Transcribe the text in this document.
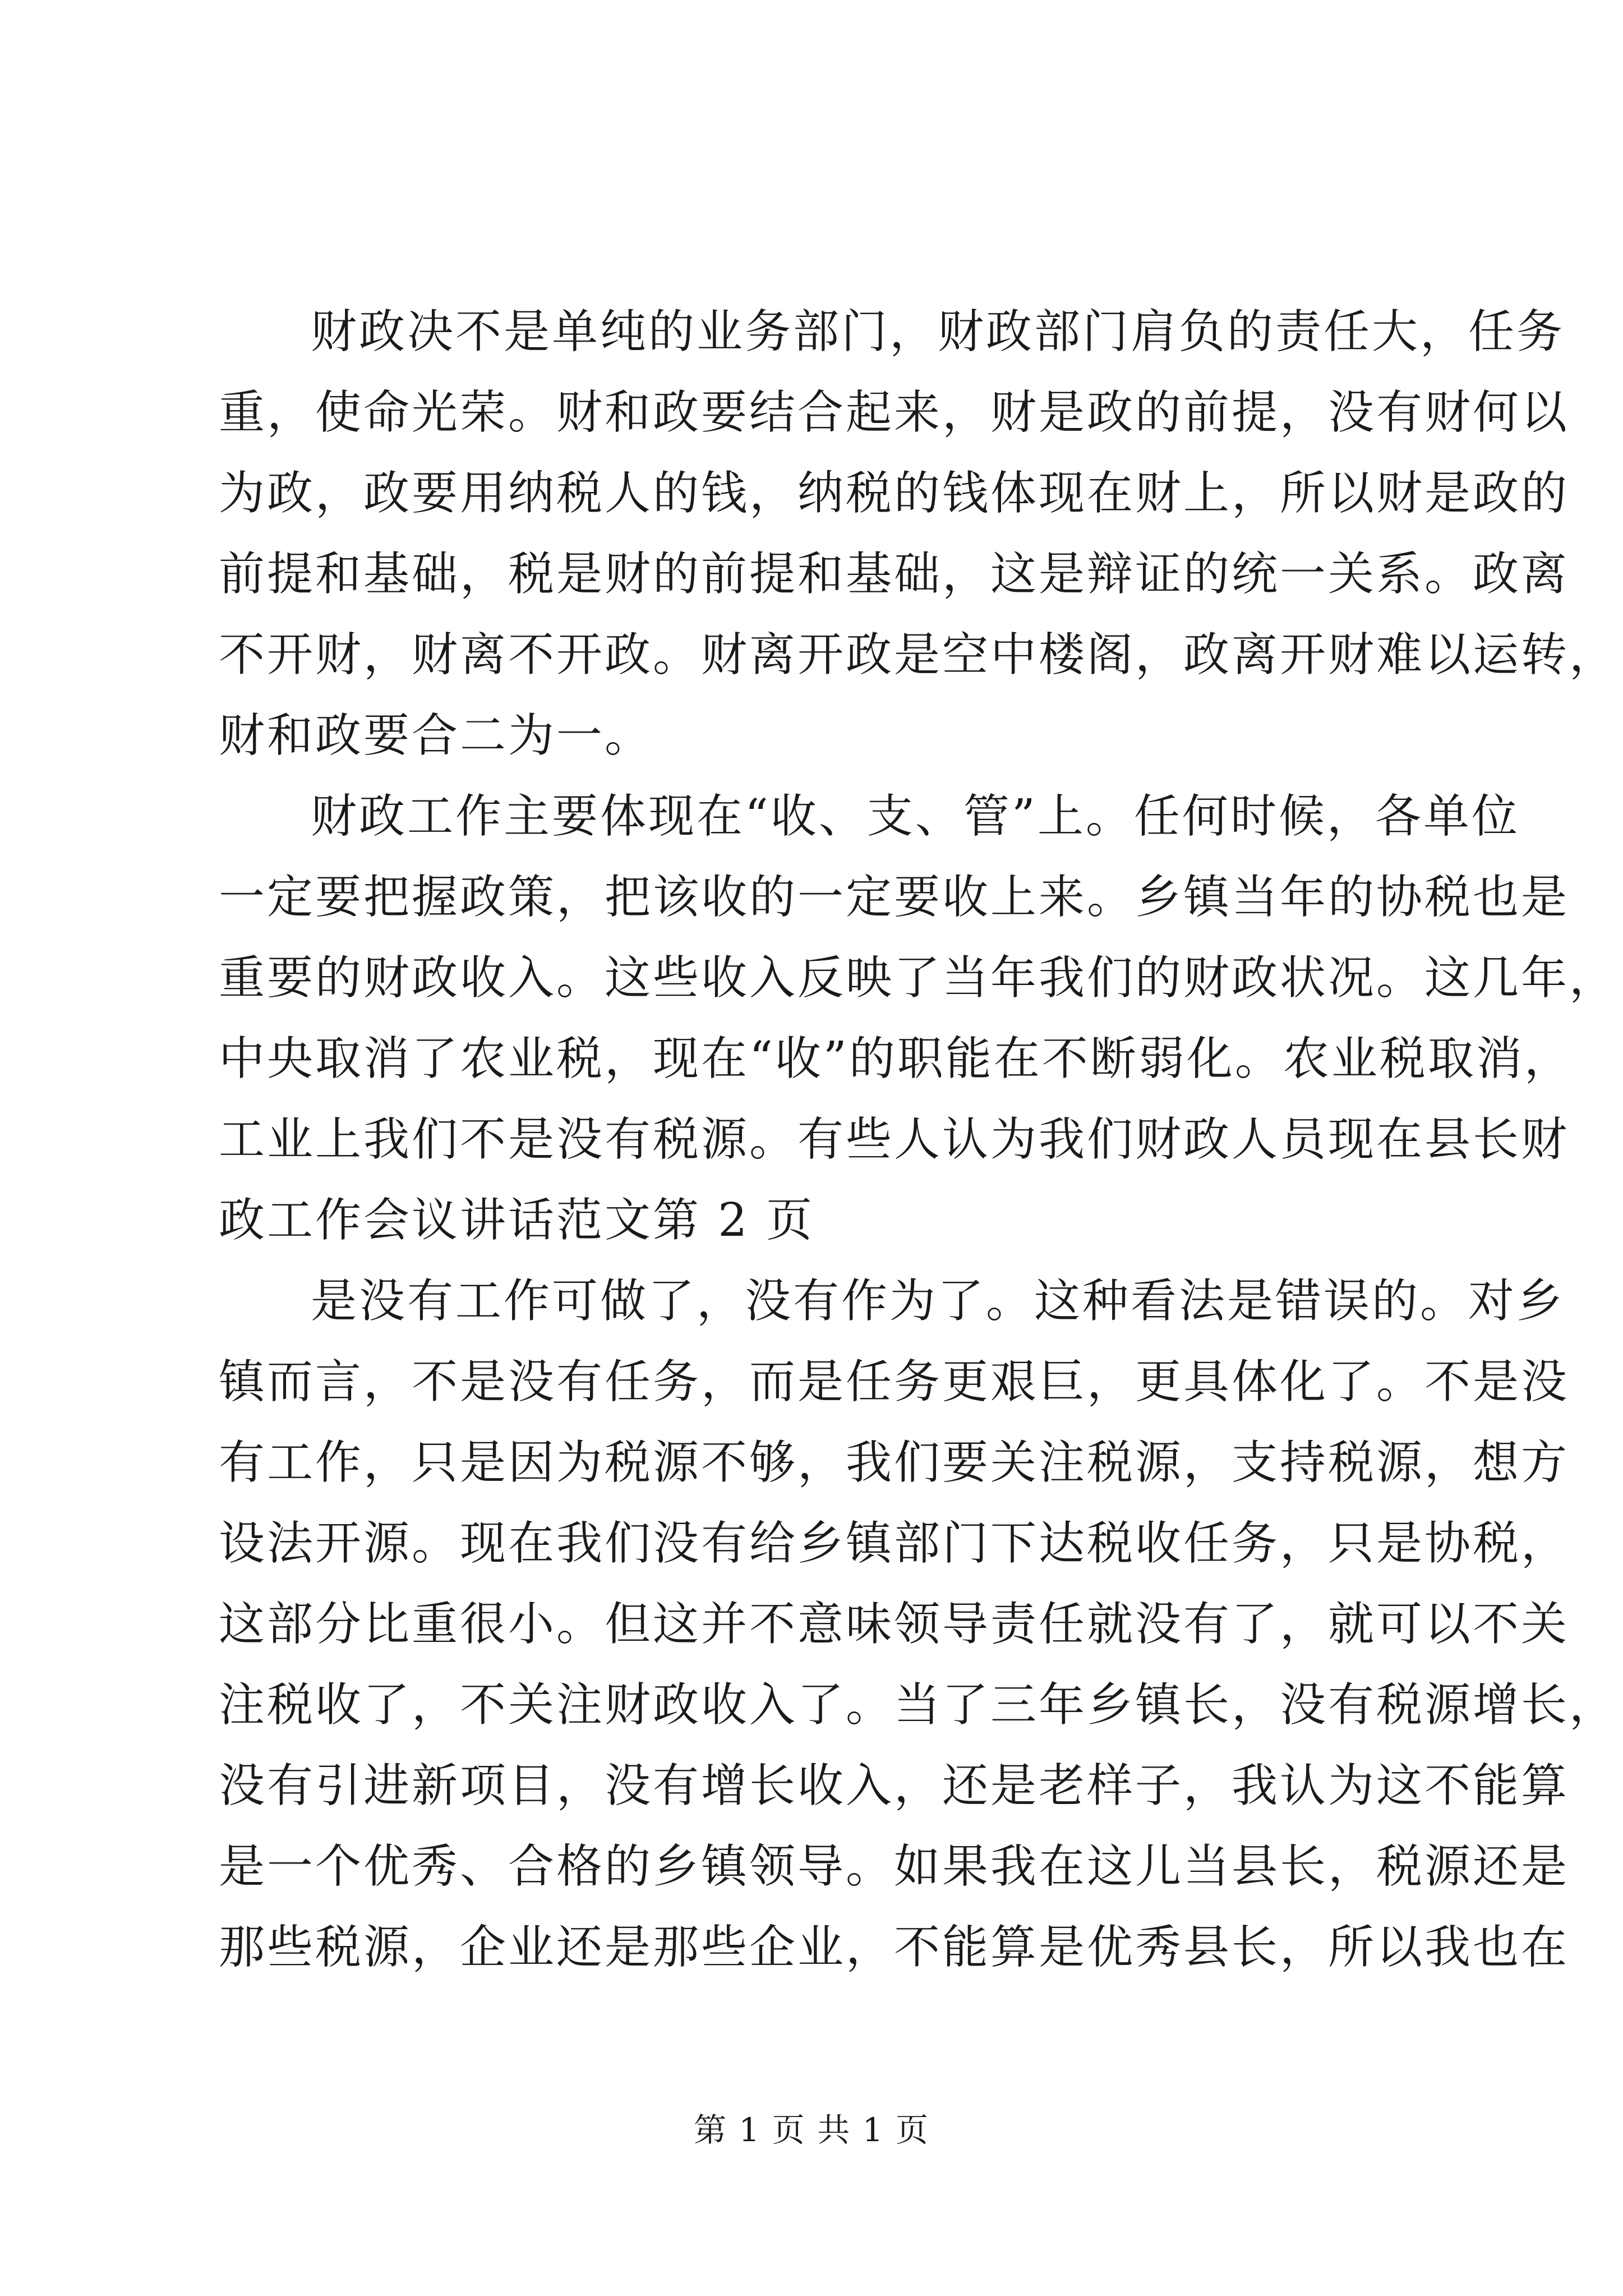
财政决不是单纯的业务部门，财政部门肩负的责任大，任务
重，使命光荣。财和政要结合起来，财是政的前提，没有财何以
为政，政要用纳税人的钱，纳税的钱体现在财上，所以财是政的
前提和基础，税是财的前提和基础，这是辩证的统一关系。政离
不开财，财离不开政。财离开政是空中楼阁，政离开财难以运转，
财和政要合二为一。
财政工作主要体现在“收、支、管”上。任何时候，各单位
一定要把握政策，把该收的一定要收上来。乡镇当年的协税也是
重要的财政收入。这些收入反映了当年我们的财政状况。这几年，
中央取消了农业税，现在“收”的职能在不断弱化。农业税取消，
工业上我们不是没有税源。有些人认为我们财政人员现在县长财
政工作会议讲话范文第 2 页
是没有工作可做了，没有作为了。这种看法是错误的。对乡
镇而言，不是没有任务，而是任务更艰巨，更具体化了。不是没
有工作，只是因为税源不够，我们要关注税源，支持税源，想方
设法开源。现在我们没有给乡镇部门下达税收任务，只是协税，
这部分比重很小。但这并不意味领导责任就没有了，就可以不关
注税收了，不关注财政收入了。当了三年乡镇长，没有税源增长，
没有引进新项目，没有增长收入，还是老样子，我认为这不能算
是一个优秀、合格的乡镇领导。如果我在这儿当县长，税源还是
那些税源，企业还是那些企业，不能算是优秀县长，所以我也在
第 1 页 共 1 页
